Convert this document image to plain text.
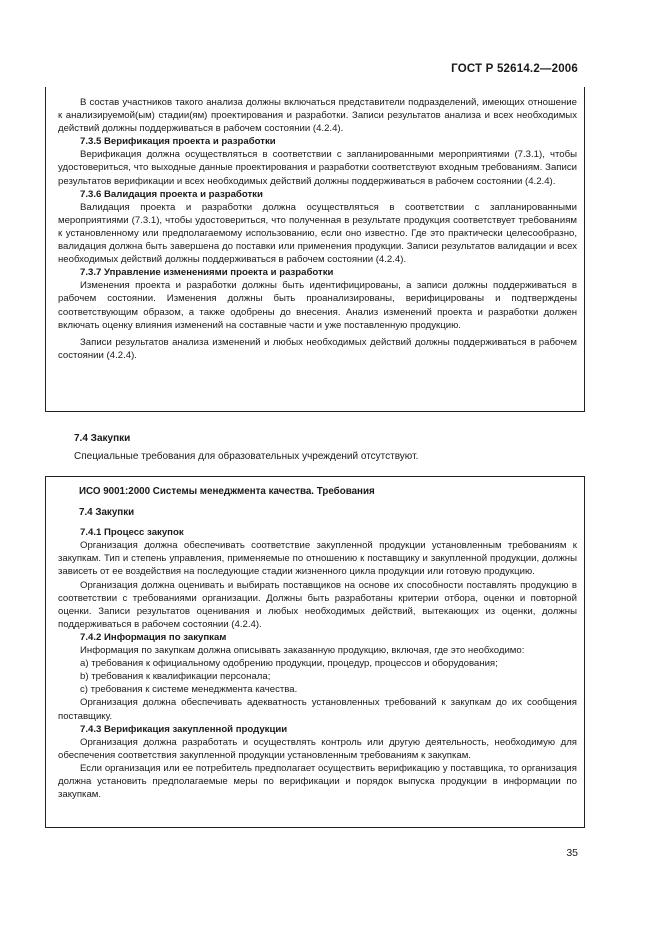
ГОСТ Р 52614.2—2006

В состав участников такого анализа должны включаться представители подразделений, имеющих отношение к анализируемой(ым) стадии(ям) проектирования и разработки. Записи результатов анализа и всех необходимых действий должны поддерживаться в рабочем состоянии (4.2.4).

7.3.5 Верификация проекта и разработки

Верификация должна осуществляться в соответствии с запланированными мероприятиями (7.3.1), чтобы удостовериться, что выходные данные проектирования и разработки соответствуют входным требованиям. Записи результатов верификации и всех необходимых действий должны поддерживаться в рабочем состоянии (4.2.4).

7.3.6 Валидация проекта и разработки

Валидация проекта и разработки должна осуществляться в соответствии с запланированными мероприятиями (7.3.1), чтобы удостовериться, что полученная в результате продукция соответствует требованиям к установленному или предполагаемому использованию, если оно известно. Где это практически целесообразно, валидация должна быть завершена до поставки или применения продукции. Записи результатов валидации и всех необходимых действий должны поддерживаться в рабочем состоянии (4.2.4).

7.3.7 Управление изменениями проекта и разработки

Изменения проекта и разработки должны быть идентифицированы, а записи должны поддерживаться в рабочем состоянии. Изменения должны быть проанализированы, верифицированы и подтверждены соответствующим образом, а также одобрены до внесения. Анализ изменений проекта и разработки должен включать оценку влияния изменений на составные части и уже поставленную продукцию.

Записи результатов анализа изменений и любых необходимых действий должны поддерживаться в рабочем состоянии (4.2.4).

7.4 Закупки
Специальные требования для образовательных учреждений отсутствуют.
ИСО 9001:2000 Системы менеджмента качества. Требования
7.4 Закупки
7.4.1 Процесс закупок

Организация должна обеспечивать соответствие закупленной продукции установленным требованиям к закупкам. Тип и степень управления, применяемые по отношению к поставщику и закупленной продукции, должны зависеть от ее воздействия на последующие стадии жизненного цикла продукции или готовую продукцию.

Организация должна оценивать и выбирать поставщиков на основе их способности поставлять продукцию в соответствии с требованиями организации. Должны быть разработаны критерии отбора, оценки и повторной оценки. Записи результатов оценивания и любых необходимых действий, вытекающих из оценки, должны поддерживаться в рабочем состоянии (4.2.4).

7.4.2 Информация по закупкам

Информация по закупкам должна описывать заказанную продукцию, включая, где это необходимо:

a) требования к официальному одобрению продукции, процедур, процессов и оборудования;
b) требования к квалификации персонала;
c) требования к системе менеджмента качества.

Организация должна обеспечивать адекватность установленных требований к закупкам до их сообщения поставщику.

7.4.3 Верификация закупленной продукции

Организация должна разработать и осуществлять контроль или другую деятельность, необходимую для обеспечения соответствия закупленной продукции установленным требованиям к закупкам.

Если организация или ее потребитель предполагает осуществить верификацию у поставщика, то организация должна установить предполагаемые меры по верификации и порядок выпуска продукции в информации по закупкам.

35
